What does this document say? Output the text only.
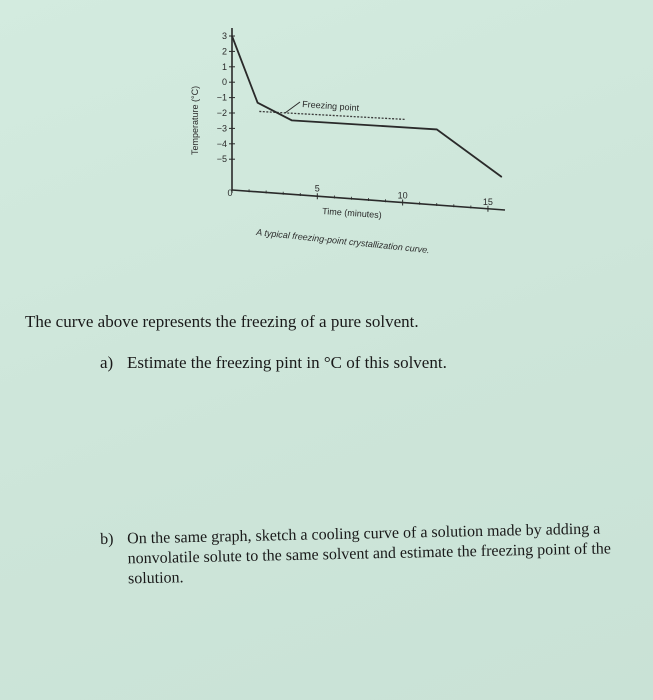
3
2
1
0
−1
−2
−3
−4
−5
0	5
10
15
Freezing point
Temperature (°C)
Time (minutes)
A typical freezing-point crystallization curve.
The curve above represents the freezing of a pure solvent.
a) Estimate the freezing pint in °C of this solvent.
b) On the same graph, sketch a cooling curve of a solution made by adding a nonvolatile solute to the same solvent and estimate the freezing point of the solution.
